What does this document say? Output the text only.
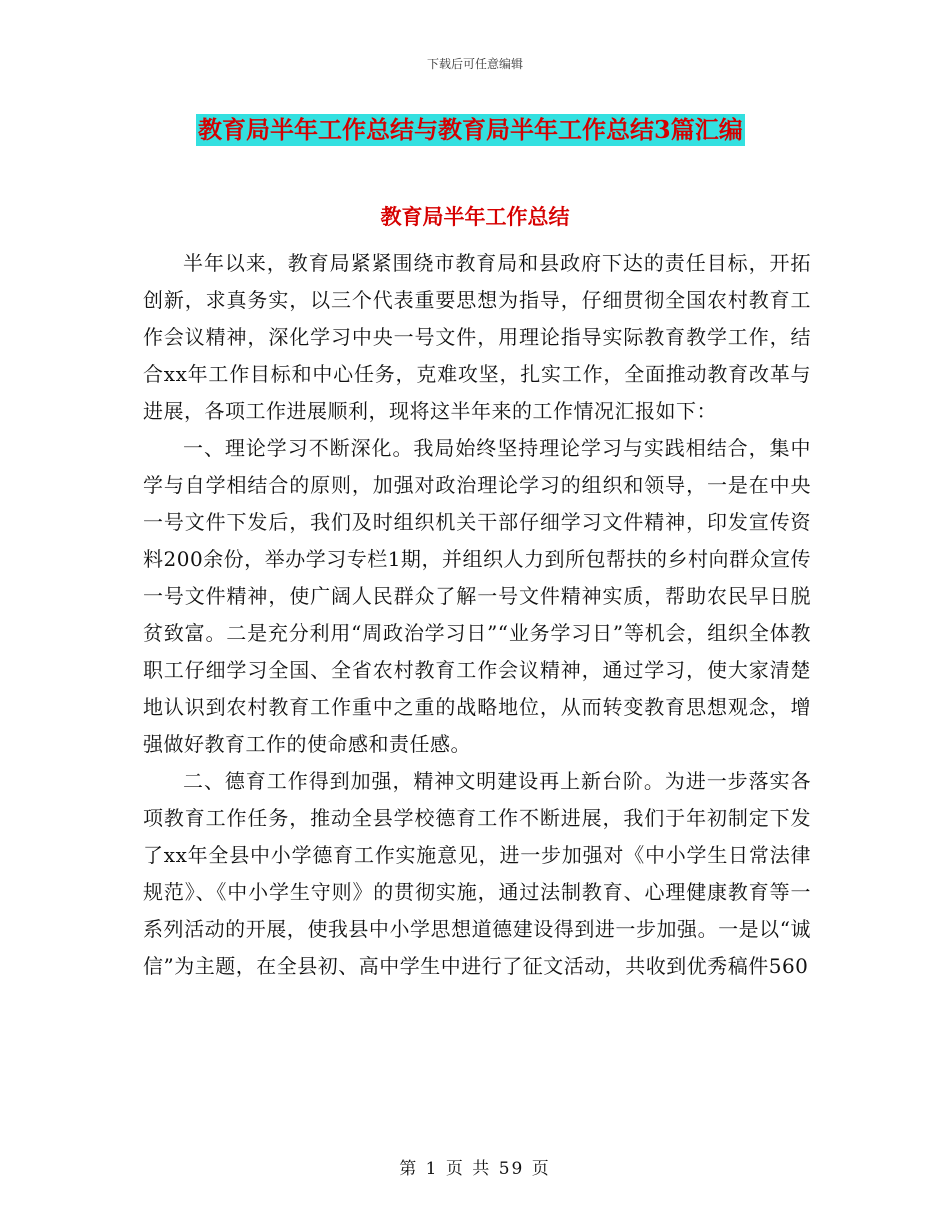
下载后可任意编辑
教育局半年工作总结与教育局半年工作总结3篇汇编
教育局半年工作总结

半年以来，教育局紧紧围绕市教育局和县政府下达的责任目标，开拓创新，求真务实，以三个代表重要思想为指导，仔细贯彻全国农村教育工作会议精神，深化学习中央一号文件，用理论指导实际教育教学工作，结合xx年工作目标和中心任务，克难攻坚，扎实工作，全面推动教育改革与进展，各项工作进展顺利，现将这半年来的工作情况汇报如下：

一、理论学习不断深化。我局始终坚持理论学习与实践相结合，集中学与自学相结合的原则，加强对政治理论学习的组织和领导，一是在中央一号文件下发后，我们及时组织机关干部仔细学习文件精神，印发宣传资料200余份，举办学习专栏1期，并组织人力到所包帮扶的乡村向群众宣传一号文件精神，使广阔人民群众了解一号文件精神实质，帮助农民早日脱贫致富。二是充分利用“周政治学习日”“业务学习日”等机会，组织全体教职工仔细学习全国、全省农村教育工作会议精神，通过学习，使大家清楚地认识到农村教育工作重中之重的战略地位，从而转变教育思想观念，增强做好教育工作的使命感和责任感。

二、德育工作得到加强，精神文明建设再上新台阶。为进一步落实各项教育工作任务，推动全县学校德育工作不断进展，我们于年初制定下发了xx年全县中小学德育工作实施意见，进一步加强对《中小学生日常法律规范》、《中小学生守则》的贯彻实施，通过法制教育、心理健康教育等一系列活动的开展，使我县中小学思想道德建设得到进一步加强。一是以“诚信”为主题，在全县初、高中学生中进行了征文活动，共收到优秀稿件560

第 1 页 共 59 页
